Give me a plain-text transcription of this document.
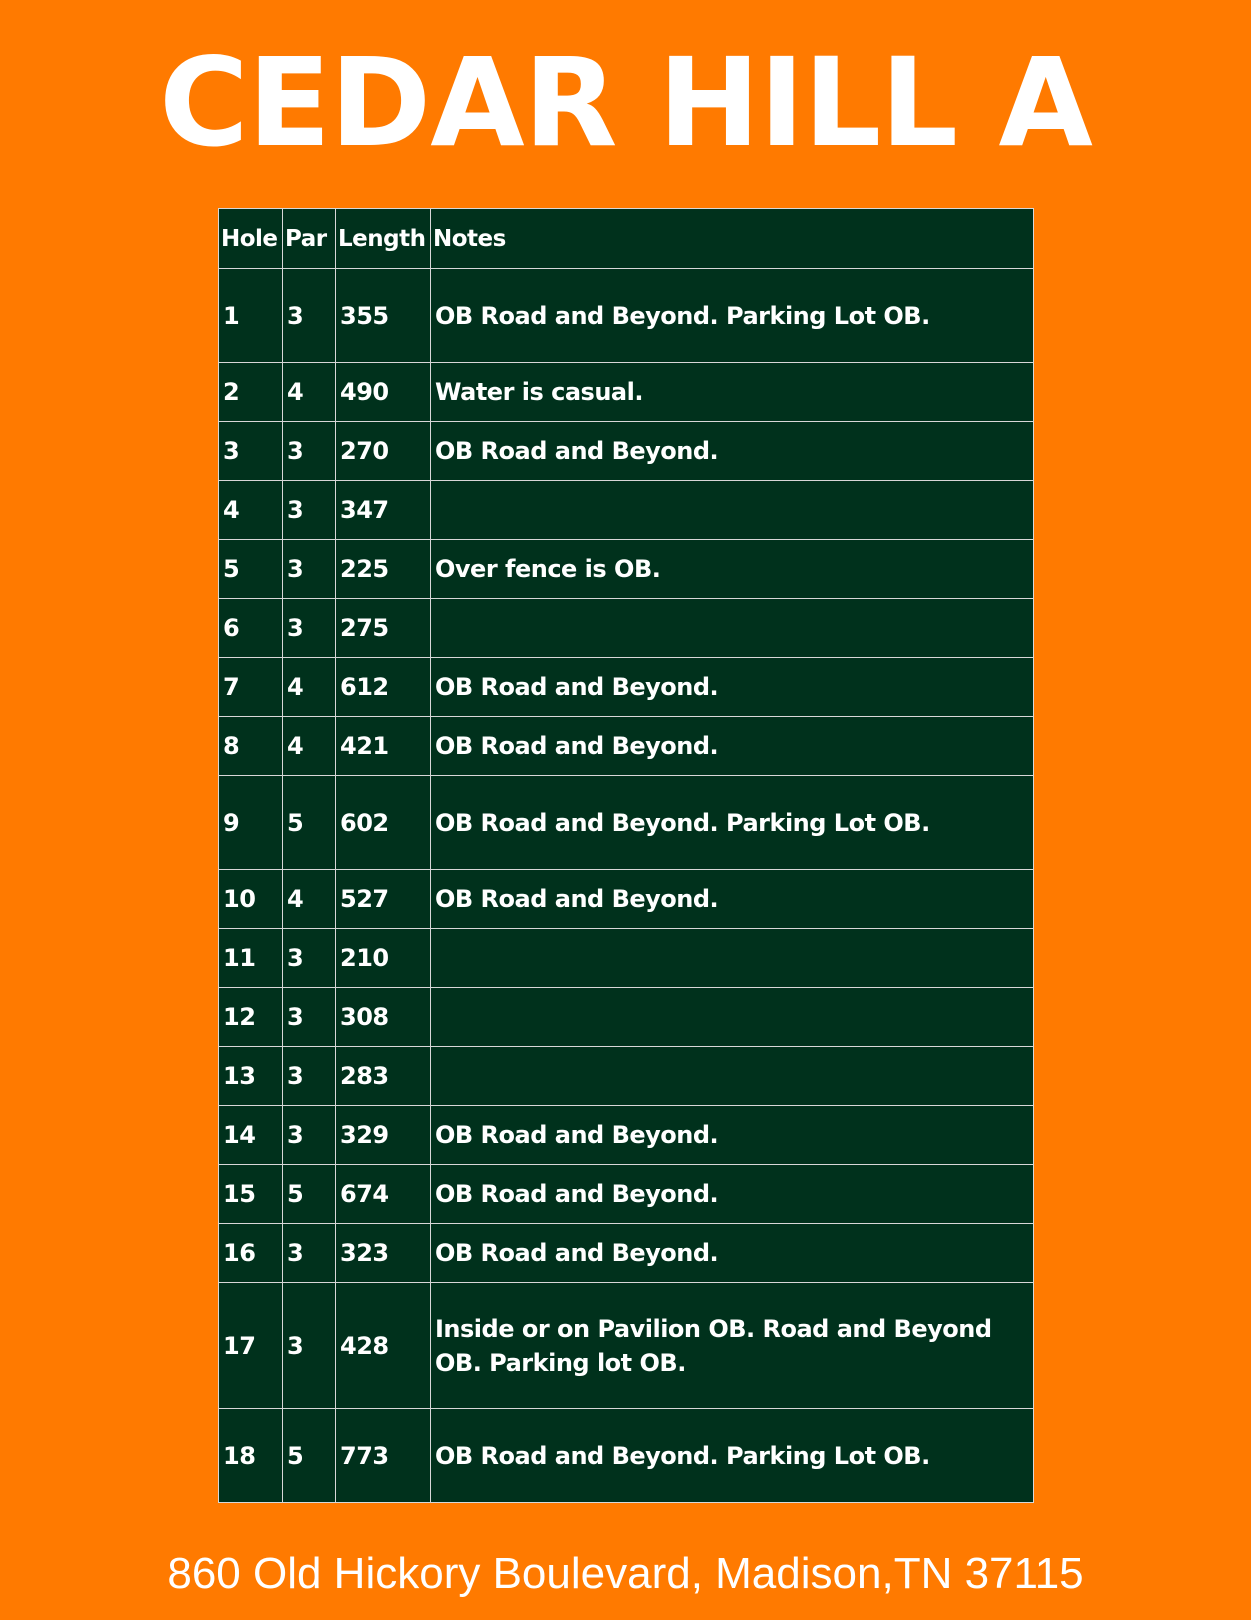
CEDAR HILL A
Hole	Par	Length	Notes
1	3	355	OB Road and Beyond. Parking Lot OB.
2	4	490	Water is casual.
3	3	270	OB Road and Beyond.
4	3	347	
5	3	225	Over fence is OB.
6	3	275	
7	4	612	OB Road and Beyond.
8	4	421	OB Road and Beyond.
9	5	602	OB Road and Beyond. Parking Lot OB.
10	4	527	OB Road and Beyond.
11	3	210	
12	3	308	
13	3	283	
14	3	329	OB Road and Beyond.
15	5	674	OB Road and Beyond.
16	3	323	OB Road and Beyond.
17	3	428	Inside or on Pavilion OB. Road and Beyond OB. Parking lot OB.
18	5	773	OB Road and Beyond. Parking Lot OB.
860 Old Hickory Boulevard, Madison,TN 37115
